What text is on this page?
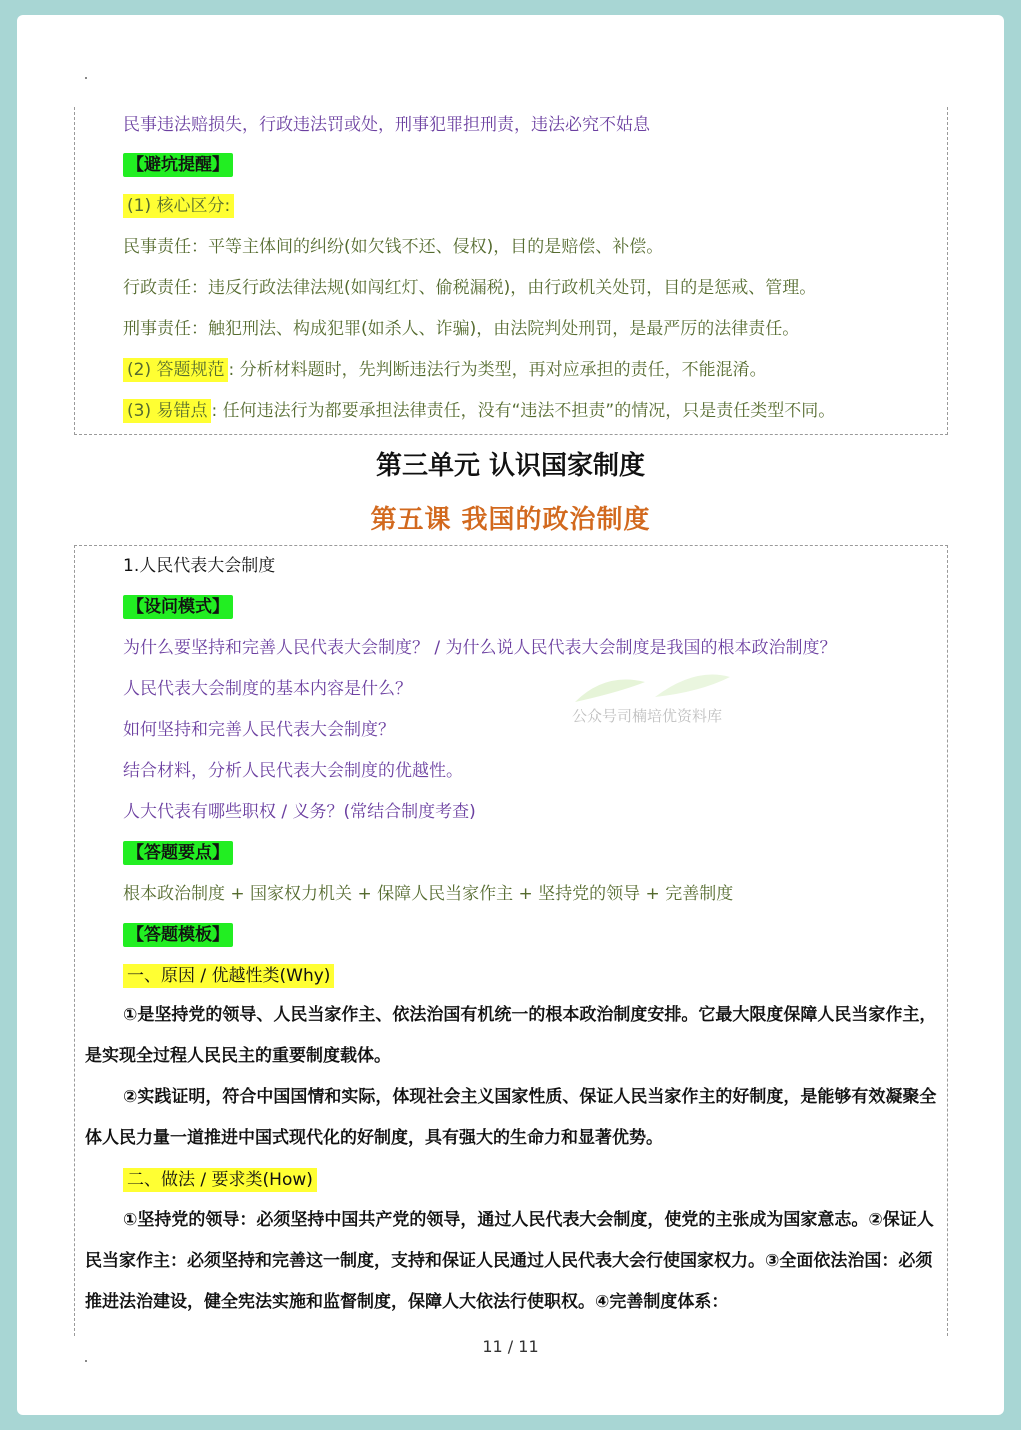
民事违法赔损失，行政违法罚或处，刑事犯罪担刑责，违法必究不姑息
【避坑提醒】
(1) 核心区分:
民事责任：平等主体间的纠纷(如欠钱不还、侵权)，目的是赔偿、补偿。
行政责任：违反行政法律法规(如闯红灯、偷税漏税)，由行政机关处罚，目的是惩戒、管理。
刑事责任：触犯刑法、构成犯罪(如杀人、诈骗)，由法院判处刑罚，是最严厉的法律责任。
(2) 答题规范 : 分析材料题时，先判断违法行为类型，再对应承担的责任，不能混淆。
(3) 易错点 : 任何违法行为都要承担法律责任，没有“违法不担责”的情况，只是责任类型不同。
第三单元 认识国家制度
第五课 我国的政治制度
1.人民代表大会制度
【设问模式】
为什么要坚持和完善人民代表大会制度？ / 为什么说人民代表大会制度是我国的根本政治制度？
人民代表大会制度的基本内容是什么？
如何坚持和完善人民代表大会制度？
结合材料，分析人民代表大会制度的优越性。
人大代表有哪些职权 / 义务？(常结合制度考查)
【答题要点】
根本政治制度 + 国家权力机关 + 保障人民当家作主 + 坚持党的领导 + 完善制度
【答题模板】
一、原因 / 优越性类(Why)
①是坚持党的领导、人民当家作主、依法治国有机统一的根本政治制度安排。它最大限度保障人民当家作主，是实现全过程人民民主的重要制度载体。
②实践证明，符合中国国情和实际，体现社会主义国家性质、保证人民当家作主的好制度，是能够有效凝聚全体人民力量一道推进中国式现代化的好制度，具有强大的生命力和显著优势。
二、做法 / 要求类(How)
①坚持党的领导：必须坚持中国共产党的领导，通过人民代表大会制度，使党的主张成为国家意志。②保证人民当家作主：必须坚持和完善这一制度，支持和保证人民通过人民代表大会行使国家权力。③全面依法治国：必须推进法治建设，健全宪法实施和监督制度，保障人大依法行使职权。④完善制度体系：
公众号司楠培优资料库
11 / 11
